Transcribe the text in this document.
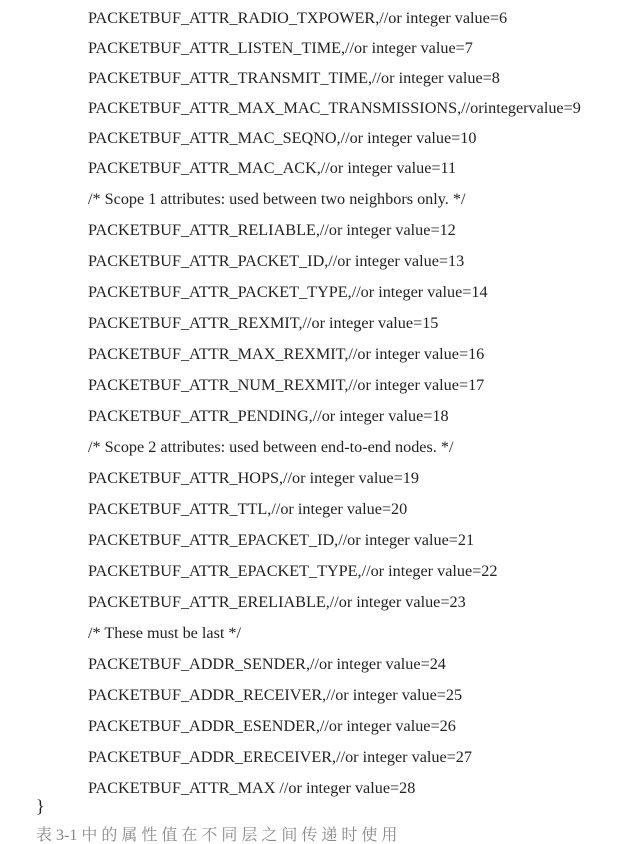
PACKETBUF_ATTR_RADIO_TXPOWER,//or integer value=6
PACKETBUF_ATTR_LISTEN_TIME,//or integer value=7
PACKETBUF_ATTR_TRANSMIT_TIME,//or integer value=8
PACKETBUF_ATTR_MAX_MAC_TRANSMISSIONS,//orintegervalue=9
PACKETBUF_ATTR_MAC_SEQNO,//or integer value=10
PACKETBUF_ATTR_MAC_ACK,//or integer value=11
/* Scope 1 attributes: used between two neighbors only. */
PACKETBUF_ATTR_RELIABLE,//or integer value=12
PACKETBUF_ATTR_PACKET_ID,//or integer value=13
PACKETBUF_ATTR_PACKET_TYPE,//or integer value=14
PACKETBUF_ATTR_REXMIT,//or integer value=15
PACKETBUF_ATTR_MAX_REXMIT,//or integer value=16
PACKETBUF_ATTR_NUM_REXMIT,//or integer value=17
PACKETBUF_ATTR_PENDING,//or integer value=18
/* Scope 2 attributes: used between end-to-end nodes. */
PACKETBUF_ATTR_HOPS,//or integer value=19
PACKETBUF_ATTR_TTL,//or integer value=20
PACKETBUF_ATTR_EPACKET_ID,//or integer value=21
PACKETBUF_ATTR_EPACKET_TYPE,//or integer value=22
PACKETBUF_ATTR_ERELIABLE,//or integer value=23
/* These must be last */
PACKETBUF_ADDR_SENDER,//or integer value=24
PACKETBUF_ADDR_RECEIVER,//or integer value=25
PACKETBUF_ADDR_ESENDER,//or integer value=26
PACKETBUF_ADDR_ERECEIVER,//or integer value=27
PACKETBUF_ATTR_MAX //or integer value=28
}
表 3-1 中 的 属 性 值 在 不 同 层 之 间 传 递 时 使 用
